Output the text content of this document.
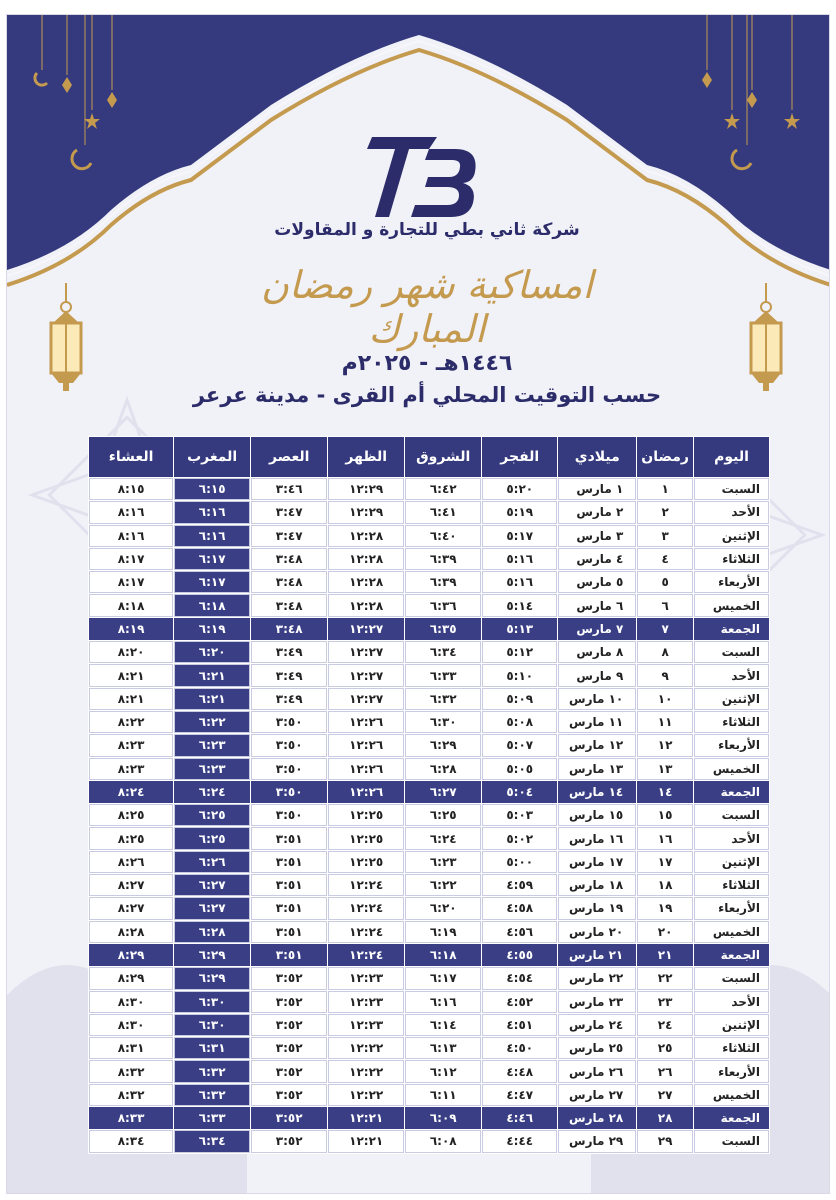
شركة ثاني بطي للتجارة و المقاولات
امساكية شهر رمضان المبارك
١٤٤٦هـ - ٢٠٢٥م
حسب التوقيت المحلي أم القرى - مدينة عرعر
اليوم	رمضان	ميلادي	الفجر	الشروق	الظهر	العصر	المغرب	العشاء
السبت	١	١ مارس	٥:٢٠	٦:٤٢	١٢:٢٩	٣:٤٦	٦:١٥	٨:١٥
الأحد	٢	٢ مارس	٥:١٩	٦:٤١	١٢:٢٩	٣:٤٧	٦:١٦	٨:١٦
الإثنين	٣	٣ مارس	٥:١٧	٦:٤٠	١٢:٢٨	٣:٤٧	٦:١٦	٨:١٦
الثلاثاء	٤	٤ مارس	٥:١٦	٦:٣٩	١٢:٢٨	٣:٤٨	٦:١٧	٨:١٧
الأربعاء	٥	٥ مارس	٥:١٦	٦:٣٩	١٢:٢٨	٣:٤٨	٦:١٧	٨:١٧
الخميس	٦	٦ مارس	٥:١٤	٦:٣٦	١٢:٢٨	٣:٤٨	٦:١٨	٨:١٨
الجمعة	٧	٧ مارس	٥:١٣	٦:٣٥	١٢:٢٧	٣:٤٨	٦:١٩	٨:١٩
السبت	٨	٨ مارس	٥:١٢	٦:٣٤	١٢:٢٧	٣:٤٩	٦:٢٠	٨:٢٠
الأحد	٩	٩ مارس	٥:١٠	٦:٣٣	١٢:٢٧	٣:٤٩	٦:٢١	٨:٢١
الإثنين	١٠	١٠ مارس	٥:٠٩	٦:٣٢	١٢:٢٧	٣:٤٩	٦:٢١	٨:٢١
الثلاثاء	١١	١١ مارس	٥:٠٨	٦:٣٠	١٢:٢٦	٣:٥٠	٦:٢٢	٨:٢٢
الأربعاء	١٢	١٢ مارس	٥:٠٧	٦:٢٩	١٢:٢٦	٣:٥٠	٦:٢٣	٨:٢٣
الخميس	١٣	١٣ مارس	٥:٠٥	٦:٢٨	١٢:٢٦	٣:٥٠	٦:٢٣	٨:٢٣
الجمعة	١٤	١٤ مارس	٥:٠٤	٦:٢٧	١٢:٢٦	٣:٥٠	٦:٢٤	٨:٢٤
السبت	١٥	١٥ مارس	٥:٠٣	٦:٢٥	١٢:٢٥	٣:٥٠	٦:٢٥	٨:٢٥
الأحد	١٦	١٦ مارس	٥:٠٢	٦:٢٤	١٢:٢٥	٣:٥١	٦:٢٥	٨:٢٥
الإثنين	١٧	١٧ مارس	٥:٠٠	٦:٢٣	١٢:٢٥	٣:٥١	٦:٢٦	٨:٢٦
الثلاثاء	١٨	١٨ مارس	٤:٥٩	٦:٢٢	١٢:٢٤	٣:٥١	٦:٢٧	٨:٢٧
الأربعاء	١٩	١٩ مارس	٤:٥٨	٦:٢٠	١٢:٢٤	٣:٥١	٦:٢٧	٨:٢٧
الخميس	٢٠	٢٠ مارس	٤:٥٦	٦:١٩	١٢:٢٤	٣:٥١	٦:٢٨	٨:٢٨
الجمعة	٢١	٢١ مارس	٤:٥٥	٦:١٨	١٢:٢٤	٣:٥١	٦:٢٩	٨:٢٩
السبت	٢٢	٢٢ مارس	٤:٥٤	٦:١٧	١٢:٢٣	٣:٥٢	٦:٢٩	٨:٢٩
الأحد	٢٣	٢٣ مارس	٤:٥٢	٦:١٦	١٢:٢٣	٣:٥٢	٦:٣٠	٨:٣٠
الإثنين	٢٤	٢٤ مارس	٤:٥١	٦:١٤	١٢:٢٣	٣:٥٢	٦:٣٠	٨:٣٠
الثلاثاء	٢٥	٢٥ مارس	٤:٥٠	٦:١٣	١٢:٢٢	٣:٥٢	٦:٣١	٨:٣١
الأربعاء	٢٦	٢٦ مارس	٤:٤٨	٦:١٢	١٢:٢٢	٣:٥٢	٦:٣٢	٨:٣٢
الخميس	٢٧	٢٧ مارس	٤:٤٧	٦:١١	١٢:٢٢	٣:٥٢	٦:٣٢	٨:٣٢
الجمعة	٢٨	٢٨ مارس	٤:٤٦	٦:٠٩	١٢:٢١	٣:٥٢	٦:٣٣	٨:٣٣
السبت	٢٩	٢٩ مارس	٤:٤٤	٦:٠٨	١٢:٢١	٣:٥٢	٦:٣٤	٨:٣٤
